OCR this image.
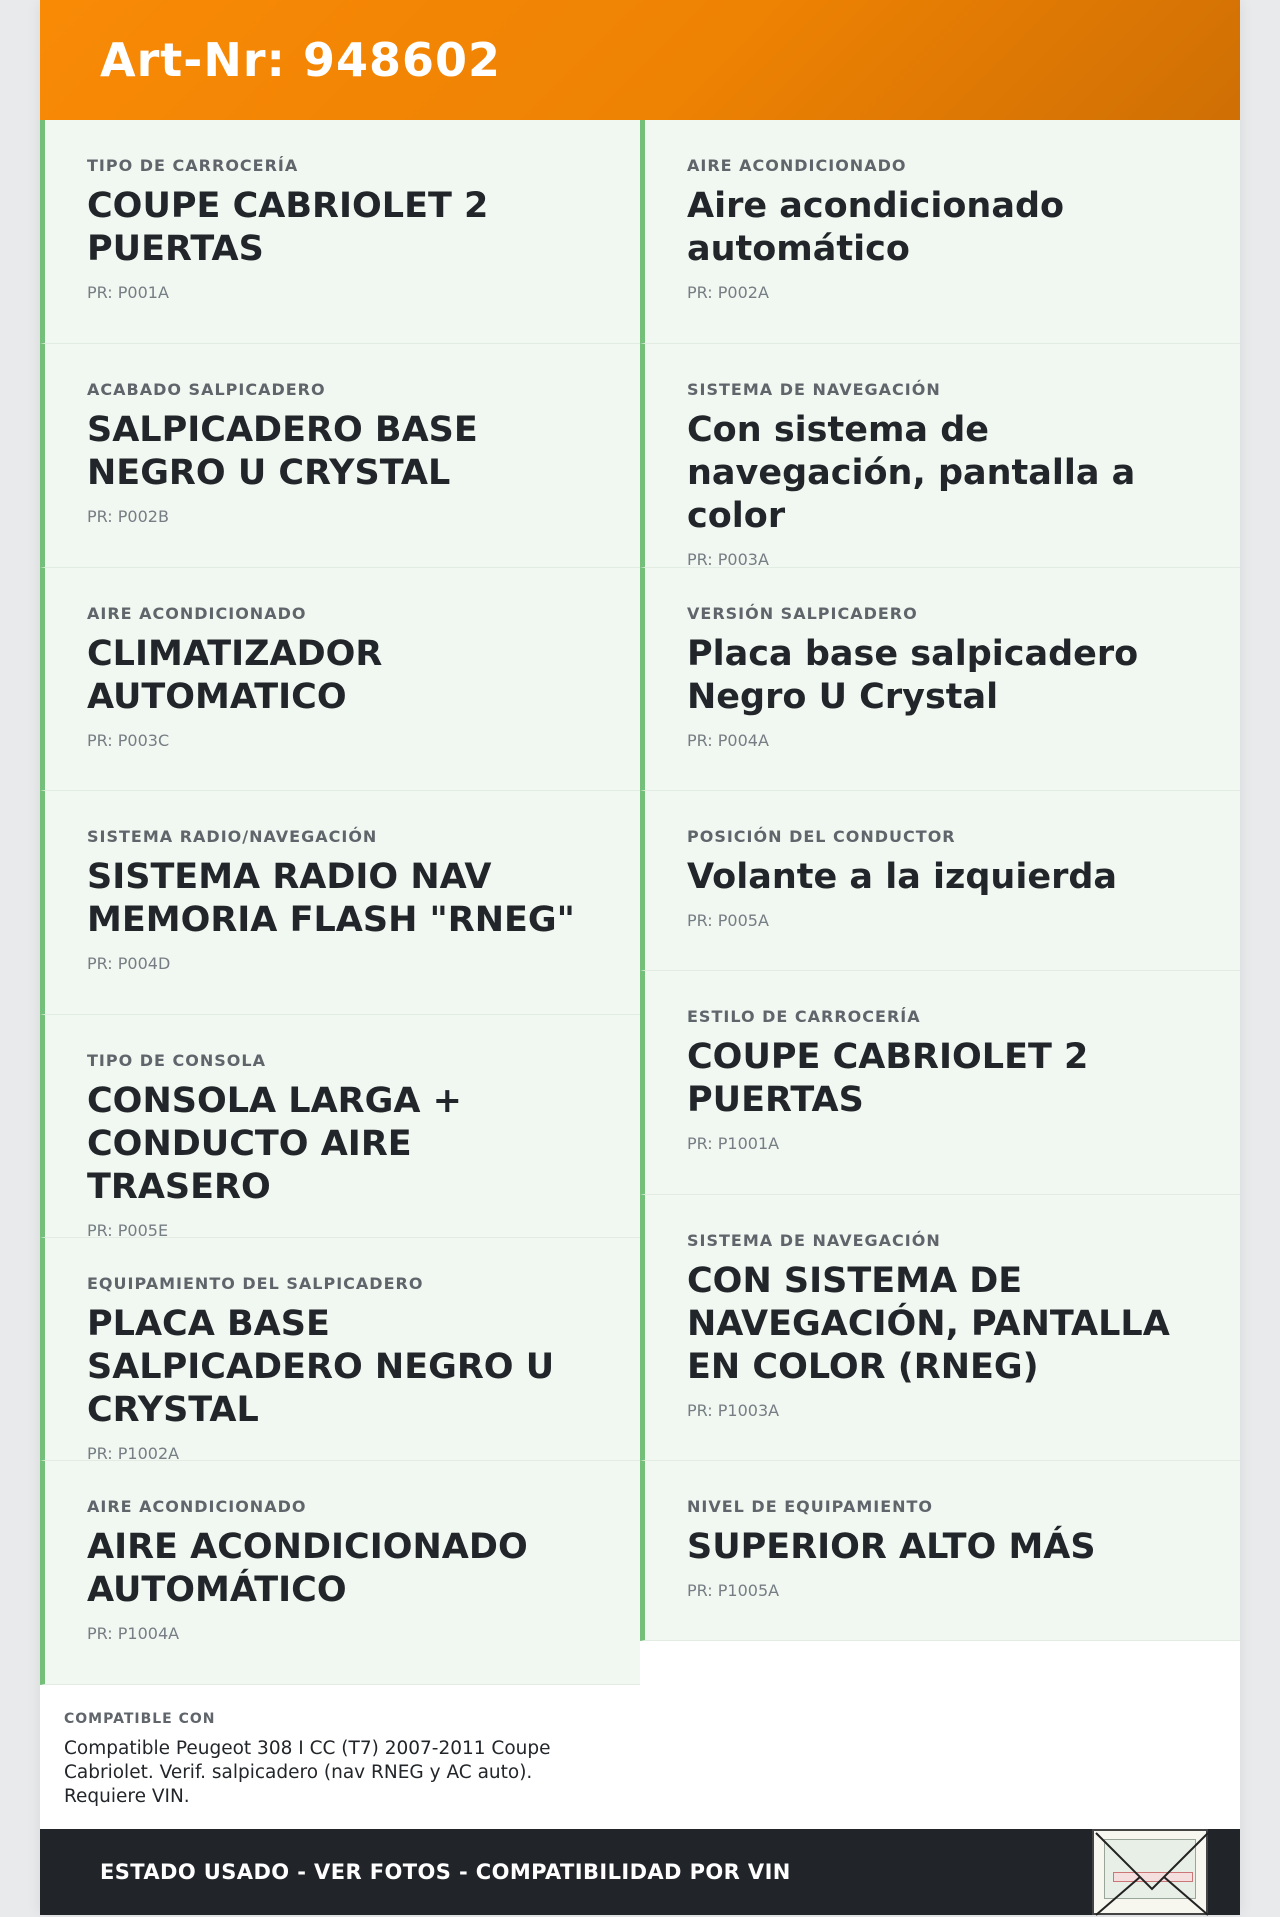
Art-Nr: 948602
TIPO DE CARROCERÍA
COUPE CABRIOLET 2 PUERTAS
PR: P001A
ACABADO SALPICADERO
SALPICADERO BASE NEGRO U CRYSTAL
PR: P002B
AIRE ACONDICIONADO
CLIMATIZADOR AUTOMATICO
PR: P003C
SISTEMA RADIO/NAVEGACIÓN
SISTEMA RADIO NAV MEMORIA FLASH "RNEG"
PR: P004D
TIPO DE CONSOLA
CONSOLA LARGA + CONDUCTO AIRE TRASERO
PR: P005E
EQUIPAMIENTO DEL SALPICADERO
PLACA BASE SALPICADERO NEGRO U CRYSTAL
PR: P1002A
AIRE ACONDICIONADO
AIRE ACONDICIONADO AUTOMÁTICO
PR: P1004A
COMPATIBLE CON
Compatible Peugeot 308 I CC (T7) 2007-2011 Coupe Cabriolet. Verif. salpicadero (nav RNEG y AC auto). Requiere VIN.
AIRE ACONDICIONADO
Aire acondicionado automático
PR: P002A
SISTEMA DE NAVEGACIÓN
Con sistema de navegación, pantalla a color
PR: P003A
VERSIÓN SALPICADERO
Placa base salpicadero Negro U Crystal
PR: P004A
POSICIÓN DEL CONDUCTOR
Volante a la izquierda
PR: P005A
ESTILO DE CARROCERÍA
COUPE CABRIOLET 2 PUERTAS
PR: P1001A
SISTEMA DE NAVEGACIÓN
CON SISTEMA DE NAVEGACIÓN, PANTALLA EN COLOR (RNEG)
PR: P1003A
NIVEL DE EQUIPAMIENTO
SUPERIOR ALTO MÁS
PR: P1005A
ESTADO USADO - VER FOTOS - COMPATIBILIDAD POR VIN
